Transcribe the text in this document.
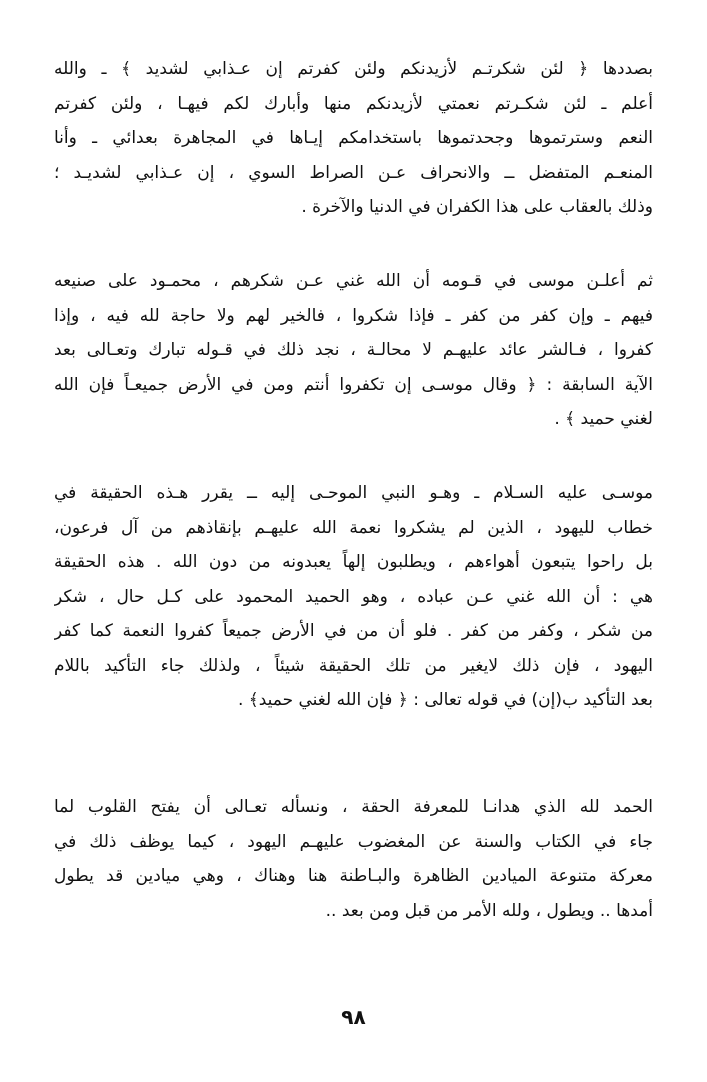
بصددها ﴿ لئن شكرتـم لأزيدنكم ولئن كفرتم إن عـذابي لشديد ﴾ ـ والله
أعلم ـ لئن شكـرتم نعمتي لأزيدنكم منها وأبارك لكم فيهـا ، ولئن كفرتم
النعم وسترتموها وجحدتموها باستخدامكم إيـاها في المجاهرة بعدائي ـ وأنا
المنعـم المتفضل ــ والانحراف عـن الصراط السوي ، إن عـذابي لشديـد ؛
وذلك بالعقاب على هذا الكفران في الدنيا والآخرة .
ثم أعلـن موسى في قـومه أن الله غني عـن شكرهم ، محمـود على صنيعه
فيهم ـ وإن كفر من كفر ـ فإذا شكروا ، فالخير لهم ولا حاجة لله فيه ، وإذا
كفروا ، فـالشر عائد عليهـم لا محالـة ، نجد ذلك في قـوله تبارك وتعـالى بعد
الآية السابقة : ﴿ وقال موسـى إن تكفروا أنتم ومن في الأرض جميعـاً فإن الله
لغني حميد ﴾ .
موسـى عليه السـلام ـ وهـو النبي الموحـى إليه ــ يقرر هـذه الحقيقة في
خطاب لليهود ، الذين لم يشكروا نعمة الله عليهـم بإنقاذهم من آل فرعون،
بل راحوا يتبعون أهواءهم ، ويطلبون إلهاً يعبدونه من دون الله . هذه الحقيقة
هي : أن الله غني عـن عباده ، وهو الحميد المحمود على كـل حال ، شكر
من شكر ، وكفر من كفر . فلو أن من في الأرض جميعاً كفروا النعمة كما كفر
اليهود ، فإن ذلك لايغير من تلك الحقيقة شيئاً ، ولذلك جاء التأكيد باللام
بعد التأكيد ب(إن) في قوله تعالى : ﴿ فإن الله لغني حميد﴾ .
الحمد لله الذي هدانـا للمعرفة الحقة ، ونسأله تعـالى أن يفتح القلوب لما
جاء في الكتاب والسنة عن المغضوب عليهـم اليهود ، كيما يوظف ذلك في
معركة متنوعة الميادين الظاهرة والبـاطنة هنا وهناك ، وهي ميادين قد يطول
أمدها .. ويطول ، ولله الأمر من قبل ومن بعد ..
٩٨
